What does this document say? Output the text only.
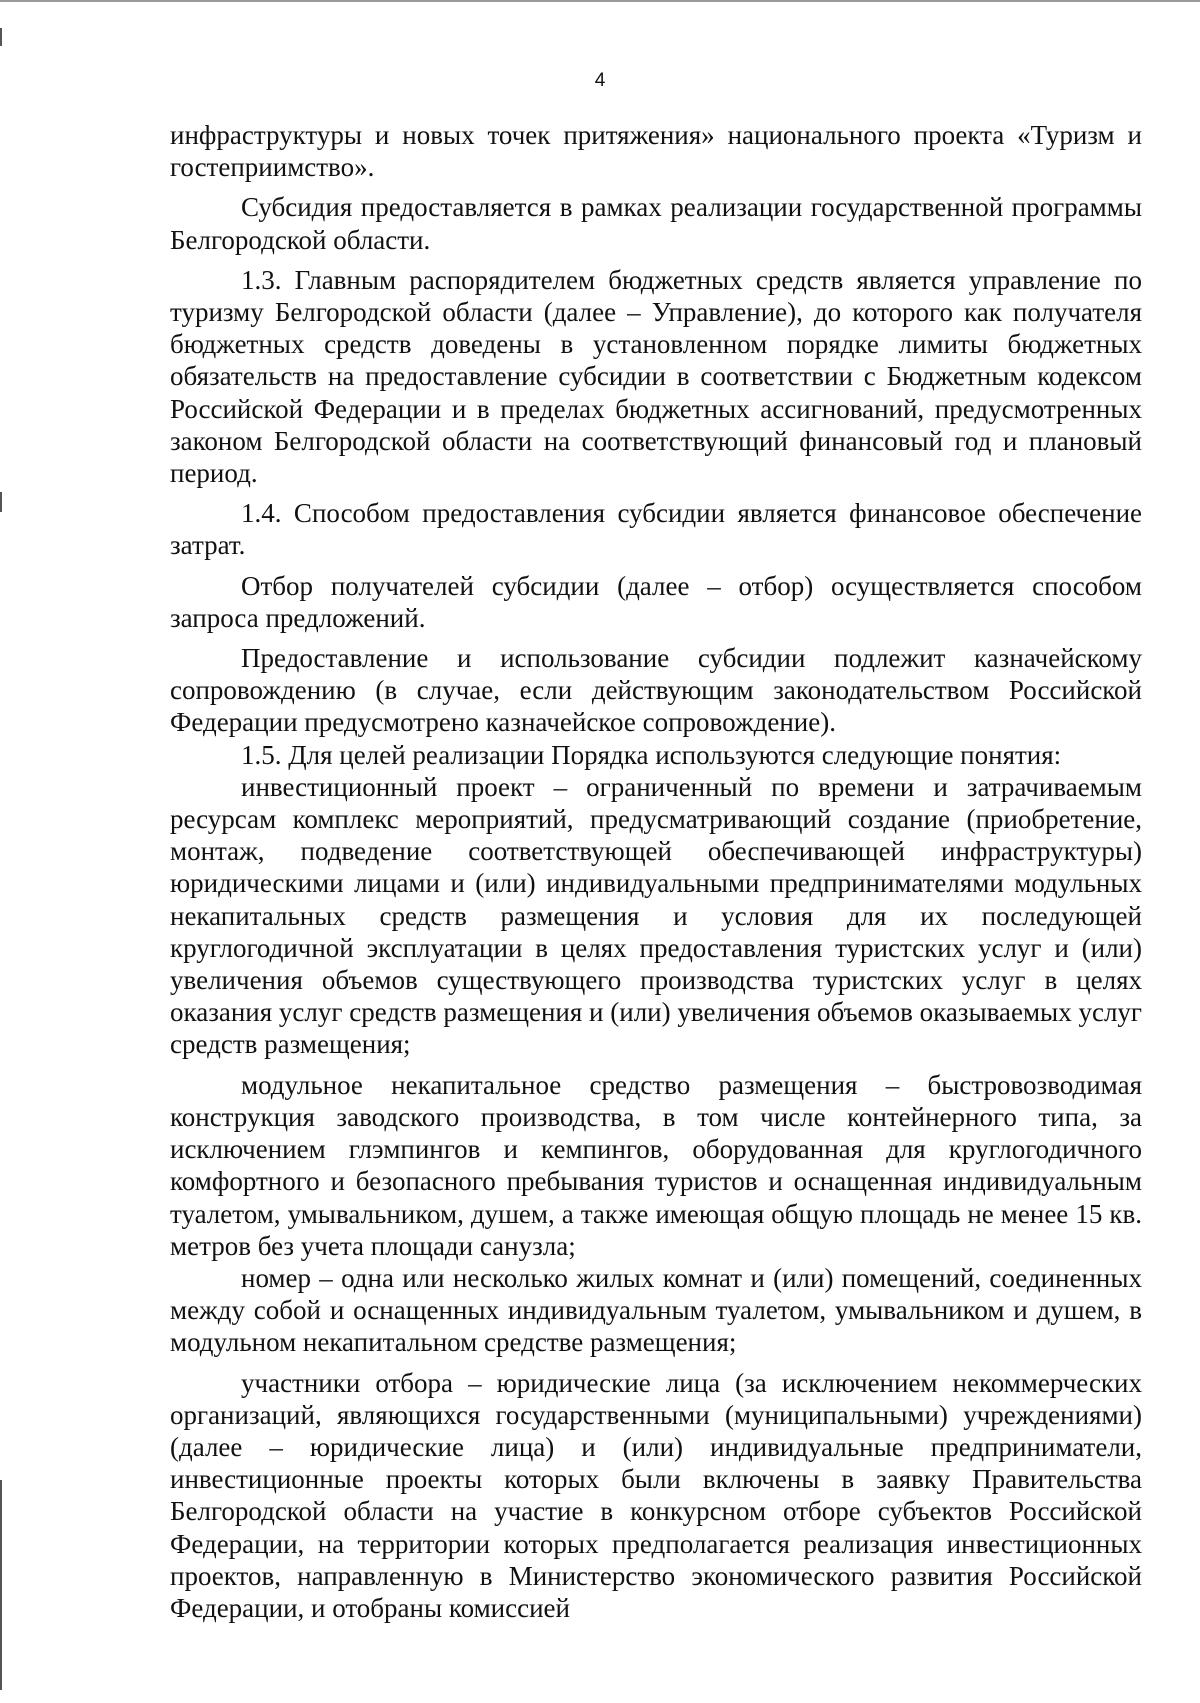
4

инфраструктуры и новых точек притяжения» национального проекта «Туризм и гостеприимство».

Субсидия предоставляется в рамках реализации государственной программы Белгородской области.

1.3. Главным распорядителем бюджетных средств является управление по туризму Белгородской области (далее – Управление), до которого как получателя бюджетных средств доведены в установленном порядке лимиты бюджетных обязательств на предоставление субсидии в соответствии с Бюджетным кодексом Российской Федерации и в пределах бюджетных ассигнований, предусмотренных законом Белгородской области на соответствующий финансовый год и плановый период.

1.4. Способом предоставления субсидии является финансовое обеспечение затрат.

Отбор получателей субсидии (далее – отбор) осуществляется способом запроса предложений.

Предоставление и использование субсидии подлежит казначейскому сопровождению (в случае, если действующим законодательством Российской Федерации предусмотрено казначейское сопровождение).

1.5. Для целей реализации Порядка используются следующие понятия:

инвестиционный проект – ограниченный по времени и затрачиваемым ресурсам комплекс мероприятий, предусматривающий создание (приобретение, монтаж, подведение соответствующей обеспечивающей инфраструктуры) юридическими лицами и (или) индивидуальными предпринимателями модульных некапитальных средств размещения и условия для их последующей круглогодичной эксплуатации в целях предоставления туристских услуг и (или) увеличения объемов существующего производства туристских услуг в целях оказания услуг средств размещения и (или) увеличения объемов оказываемых услуг средств размещения;

модульное некапитальное средство размещения – быстровозводимая конструкция заводского производства, в том числе контейнерного типа, за исключением глэмпингов и кемпингов, оборудованная для круглогодичного комфортного и безопасного пребывания туристов и оснащенная индивидуальным туалетом, умывальником, душем, а также имеющая общую площадь не менее 15 кв. метров без учета площади санузла;

номер – одна или несколько жилых комнат и (или) помещений, соединенных между собой и оснащенных индивидуальным туалетом, умывальником и душем, в модульном некапитальном средстве размещения;

участники отбора – юридические лица (за исключением некоммерческих организаций, являющихся государственными (муниципальными) учреждениями) (далее – юридические лица) и (или) индивидуальные предприниматели, инвестиционные проекты которых были включены в заявку Правительства Белгородской области на участие в конкурсном отборе субъектов Российской Федерации, на территории которых предполагается реализация инвестиционных проектов, направленную в Министерство экономического развития Российской Федерации, и отобраны комиссией
